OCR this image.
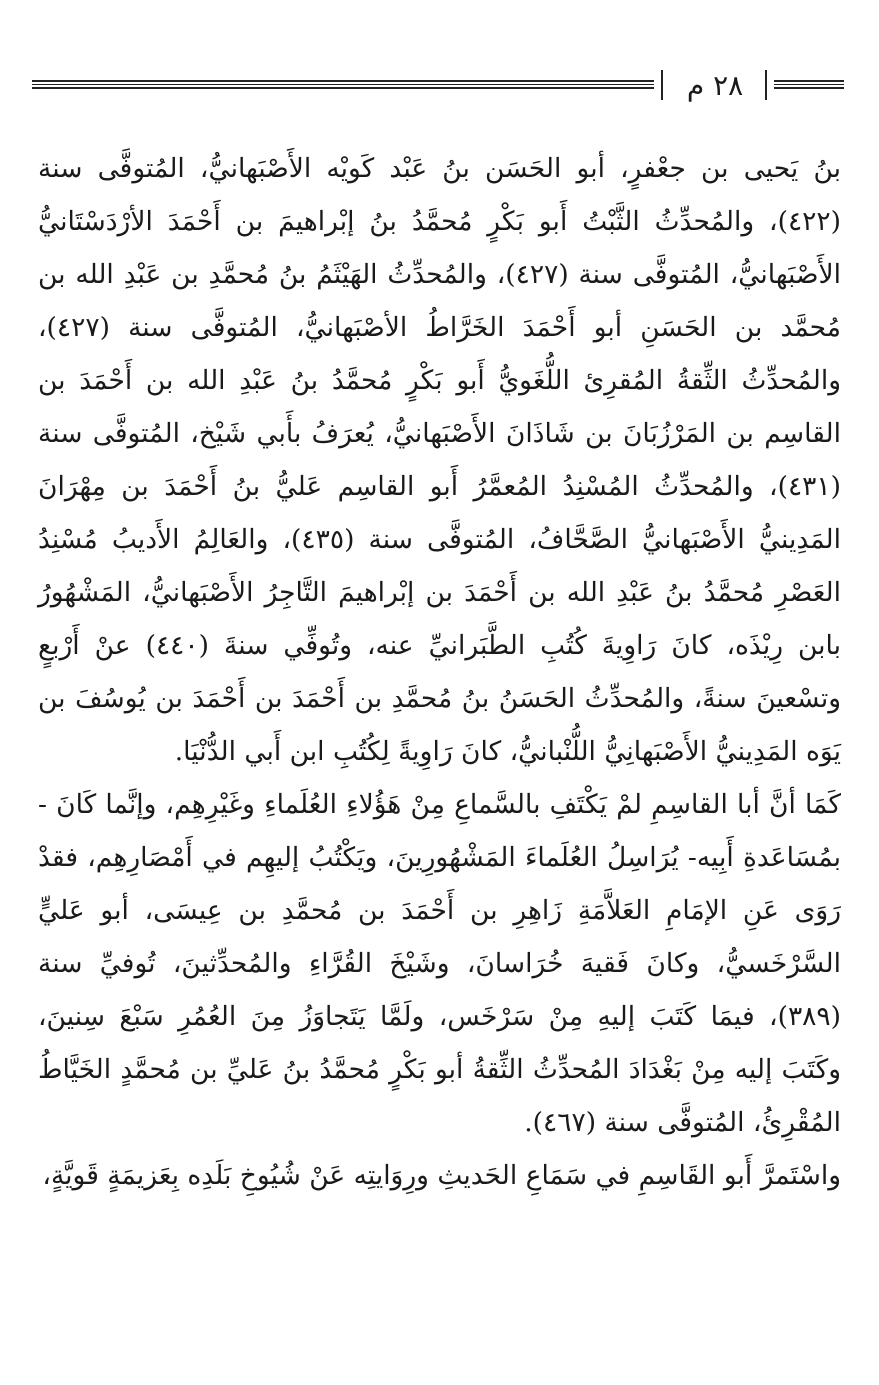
٢٨ م

بنُ يَحيى بن جعْفرٍ، أبو الحَسَن بنُ عَبْد كَويْه الأَصْبَهانيُّ، المُتوفَّى سنة (٤٢٢)، والمُحدِّثُ الثَّبْتُ أَبو بَكْرٍ مُحمَّدُ بنُ إبْراهيمَ بن أَحْمَدَ الأرْدَسْتَانيُّ الأَصْبَهانيُّ، المُتوفَّى سنة (٤٢٧)، والمُحدِّثُ الهَيْثَمُ بنُ مُحمَّدِ بن عَبْدِ الله بن مُحمَّد بن الحَسَنِ أبو أَحْمَدَ الخَرَّاطُ الأصْبَهانيُّ، المُتوفَّى سنة (٤٢٧)، والمُحدِّثُ الثِّقةُ المُقرِئ اللُّغَويُّ أَبو بَكْرٍ مُحمَّدُ بنُ عَبْدِ الله بن أَحْمَدَ بن القاسِم بن المَرْزُبَانَ بن شَاذَانَ الأَصْبَهانيُّ، يُعرَفُ بأَبي شَيْخ، المُتوفَّى سنة (٤٣١)، والمُحدِّثُ المُسْنِدُ المُعمَّرُ أَبو القاسِم عَليُّ بنُ أَحْمَدَ بن مِهْرَانَ المَدِينيُّ الأَصْبَهانيُّ الصَّحَّافُ، المُتوفَّى سنة (٤٣٥)، والعَالِمُ الأَديبُ مُسْنِدُ العَصْرِ مُحمَّدُ بنُ عَبْدِ الله بن أَحْمَدَ بن إبْراهيمَ التَّاجِرُ الأَصْبَهانيُّ، المَشْهُورُ بابن رِيْذَه، كانَ رَاوِيةَ كُتُبِ الطَّبَرانيِّ عنه، وتُوفِّي سنةَ (٤٤٠) عنْ أَرْبعٍ وتسْعينَ سنةً، والمُحدِّثُ الحَسَنُ بنُ مُحمَّدِ بن أَحْمَدَ بن أَحْمَدَ بن يُوسُفَ بن يَوَه المَدِينيُّ الأَصْبَهانِيُّ اللُّنْبانيُّ، كانَ رَاوِيةً لِكُتُبِ ابن أَبي الدُّنْيَا.

كَمَا أنَّ أبا القاسِمِ لمْ يَكْتَفِ بالسَّماعِ مِنْ هَؤُلاءِ العُلَماءِ وغَيْرِهِم، وإنَّما كَانَ - بمُسَاعَدةِ أَبِيه- يُرَاسِلُ العُلَماءَ المَشْهُورِينَ، ويَكْتُبُ إليهِم في أَمْصَارِهِم، فقدْ رَوَى عَنِ الإمَامِ العَلاَّمَةِ زَاهِرِ بن أَحْمَدَ بن مُحمَّدِ بن عِيسَى، أبو عَليٍّ السَّرْخَسيُّ، وكانَ فَقيهَ خُرَاسانَ، وشَيْخَ القُرَّاءِ والمُحدِّثينَ، تُوفيِّ سنة (٣٨٩)، فيمَا كَتَبَ إليهِ مِنْ سَرْخَس، ولَمَّا يَتَجاوَزُ مِنَ العُمُرِ سَبْعَ سِنينَ، وكَتَبَ إليه مِنْ بَغْدَادَ المُحدِّثُ الثِّقةُ أبو بَكْرٍ مُحمَّدُ بنُ عَليِّ بن مُحمَّدٍ الخَيَّاطُ المُقْرِئُ، المُتوفَّى سنة (٤٦٧).

واسْتَمرَّ أَبو القَاسِمِ في سَمَاعِ الحَديثِ ورِوَايتِه عَنْ شُيُوخِ بَلَدِه بِعَزيمَةٍ قَويَّةٍ،
